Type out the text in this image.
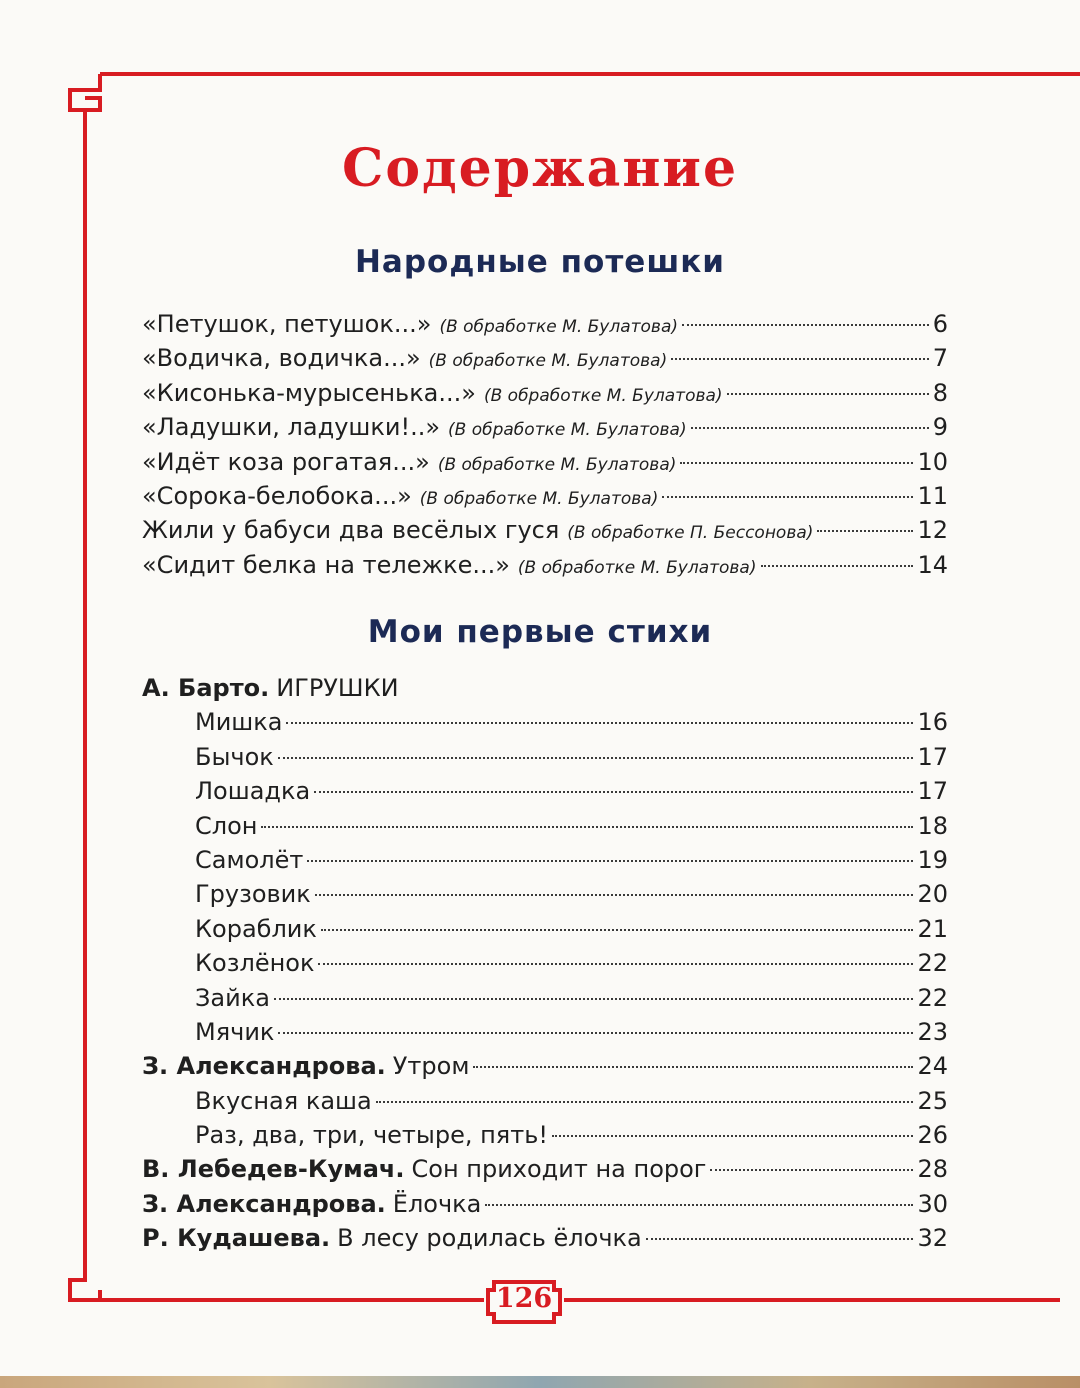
Содержание
Народные потешки
«Петушок, петушок...» (В обработке М. Булатова)	6
«Водичка, водичка...» (В обработке М. Булатова)	7
«Кисонька-мурысенька...» (В обработке М. Булатова)	8
«Ладушки, ладушки!..» (В обработке М. Булатова)	9
«Идёт коза рогатая...» (В обработке М. Булатова)	10
«Сорока-белобока...» (В обработке М. Булатова)	11
Жили у бабуси два весёлых гуся (В обработке П. Бессонова)	12
«Сидит белка на тележке...» (В обработке М. Булатова)	14
Мои первые стихи
А. Барто. ИГРУШКИ
Мишка	16
Бычок	17
Лошадка	17
Слон	18
Самолёт	19
Грузовик	20
Кораблик	21
Козлёнок	22
Зайка	22
Мячик	23
З. Александрова. Утром	24
Вкусная каша	25
Раз, два, три, четыре, пять!	26
В. Лебедев-Кумач. Сон приходит на порог	28
З. Александрова. Ёлочка	30
Р. Кудашева. В лесу родилась ёлочка	32
126
